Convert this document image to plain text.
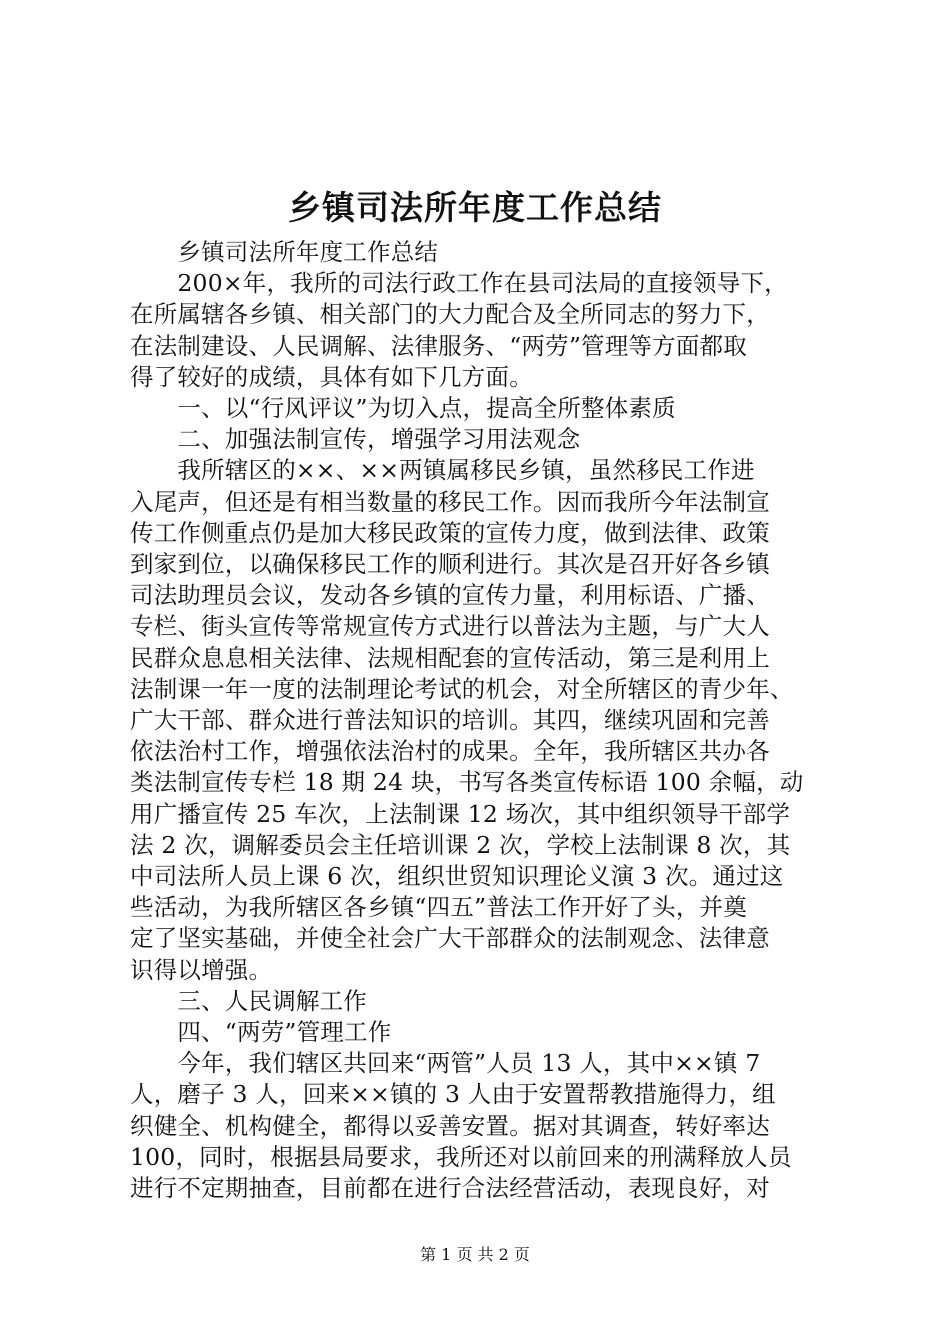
乡镇司法所年度工作总结
　　乡镇司法所年度工作总结
　　200×年，我所的司法行政工作在县司法局的直接领导下，
在所属辖各乡镇、相关部门的大力配合及全所同志的努力下，
在法制建设、人民调解、法律服务、“两劳”管理等方面都取
得了较好的成绩，具体有如下几方面。
　　一、以“行风评议”为切入点，提高全所整体素质
　　二、加强法制宣传，增强学习用法观念
　　我所辖区的××、××两镇属移民乡镇，虽然移民工作进
入尾声，但还是有相当数量的移民工作。因而我所今年法制宣
传工作侧重点仍是加大移民政策的宣传力度，做到法律、政策
到家到位，以确保移民工作的顺利进行。其次是召开好各乡镇
司法助理员会议，发动各乡镇的宣传力量，利用标语、广播、
专栏、街头宣传等常规宣传方式进行以普法为主题，与广大人
民群众息息相关法律、法规相配套的宣传活动，第三是利用上
法制课一年一度的法制理论考试的机会，对全所辖区的青少年、
广大干部、群众进行普法知识的培训。其四，继续巩固和完善
依法治村工作，增强依法治村的成果。全年，我所辖区共办各
类法制宣传专栏 18 期 24 块，书写各类宣传标语 100 余幅，动
用广播宣传 25 车次，上法制课 12 场次，其中组织领导干部学
法 2 次，调解委员会主任培训课 2 次，学校上法制课 8 次，其
中司法所人员上课 6 次，组织世贸知识理论义演 3 次。通过这
些活动，为我所辖区各乡镇“四五”普法工作开好了头，并奠
定了坚实基础，并使全社会广大干部群众的法制观念、法律意
识得以增强。
　　三、人民调解工作
　　四、“两劳”管理工作
　　今年，我们辖区共回来“两管”人员 13 人，其中××镇 7
人，磨子 3 人，回来××镇的 3 人由于安置帮教措施得力，组
织健全、机构健全，都得以妥善安置。据对其调查，转好率达
100，同时，根据县局要求，我所还对以前回来的刑满释放人员
进行不定期抽查，目前都在进行合法经营活动，表现良好，对
第 1 页 共 2 页
